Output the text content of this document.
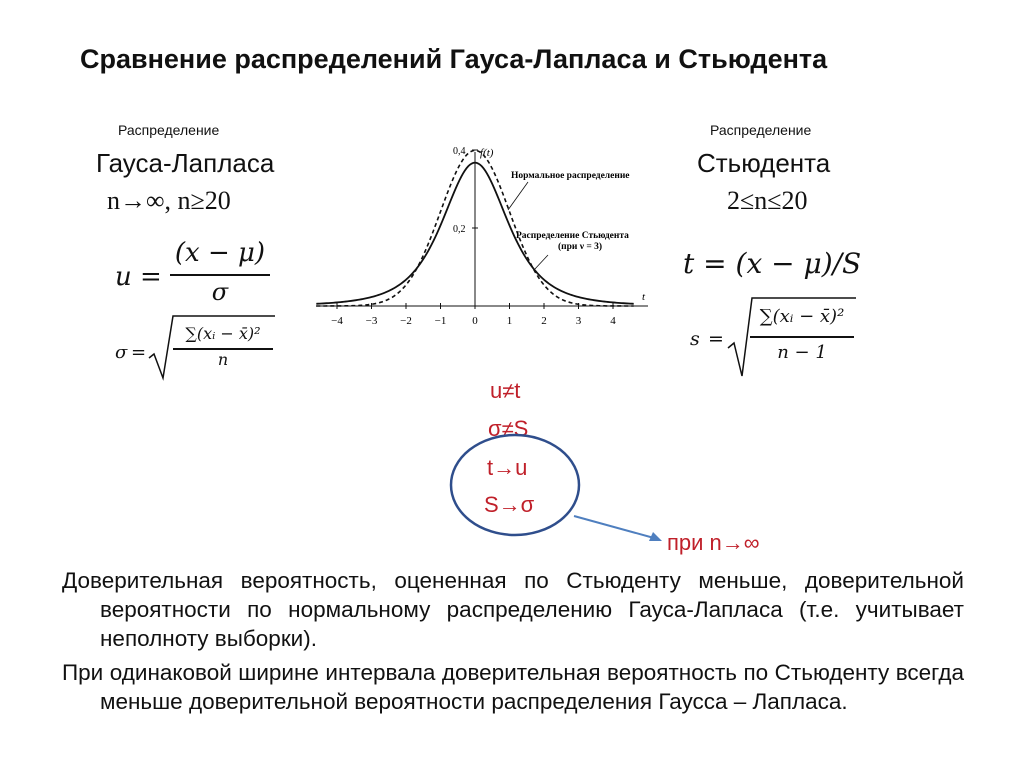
Сравнение распределений Гауса-Лапласа и Стьюдента
Распределение
Гауса-Лапласа
n→∞, n≥20
u =
(x − μ)
σ
σ =
∑(xᵢ − x̄)²
n
f(t)
t
−4 −3 −2 −1 0	1	2	3	4
0,4
0,2
Нормальное распределение
Распределение Стьюдента (при ν = 3)
Распределение
Стьюдента
2≤n≤20
t = (x − μ)/S
s =
∑(xᵢ − x̄)²
n − 1
u≠t
σ≠S
t→u
S→σ
при n→∞
Доверительная вероятность, оцененная по Стьюденту меньше, доверительной вероятности по нормальному распределению Гауса-Лапласа (т.е. учитывает неполноту выборки).
При одинаковой ширине интервала доверительная вероятность по Стьюденту всегда меньше доверительной вероятности распределения Гаусса – Лапласа.
